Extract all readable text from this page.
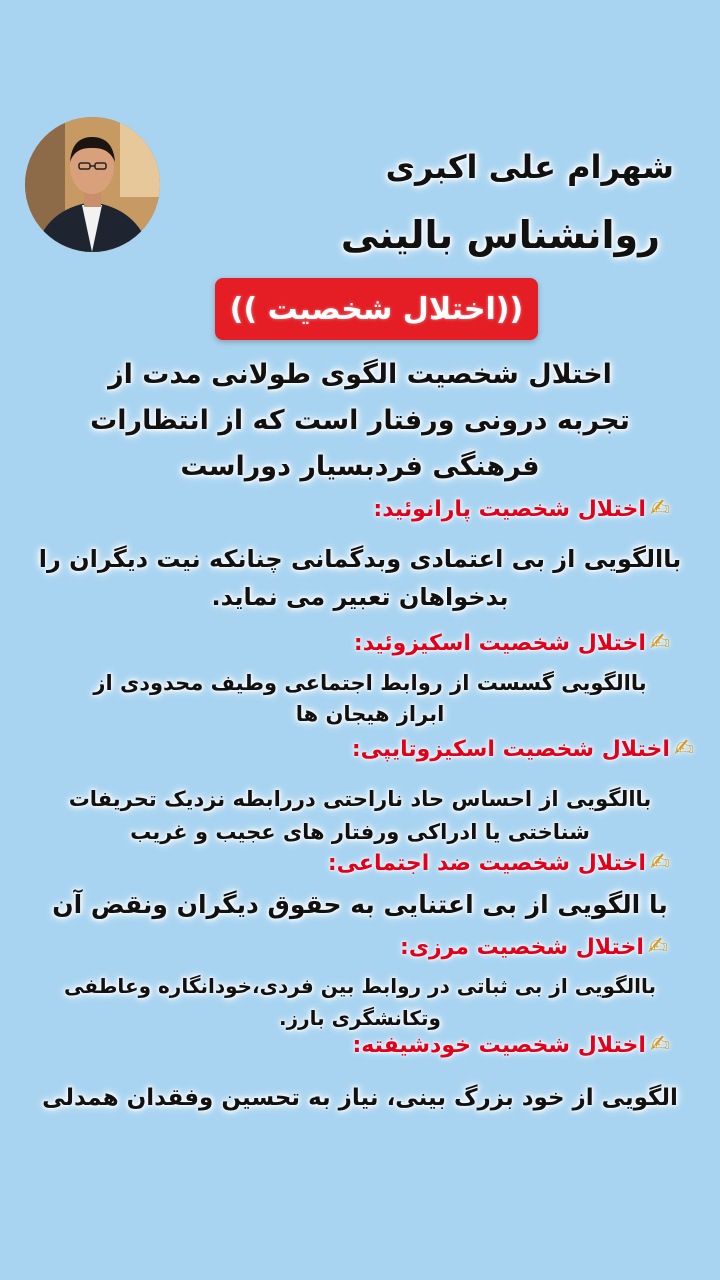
شهرام علی اکبری
روانشناس بالینی
((اختلال شخصیت ))
اختلال شخصیت الگوی طولانی مدت از
تجربه درونی ورفتار است که از انتظارات
فرهنگی فردبسیار دوراست
✍اختلال شخصیت پارانوئید:
باالگویی از بی اعتمادی وبدگمانی چنانکه نیت دیگران را
بدخواهان تعبیر می نماید.
✍اختلال شخصیت اسکیزوئید:
باالگویی گسست از روابط اجتماعی وطیف محدودی از
ابراز هیجان ها
✍اختلال شخصیت اسکیزوتایپی:
باالگویی از احساس حاد ناراحتی دررابطه نزدیک تحریفات
شناختی یا ادراکی ورفتار های عجیب و غریب
✍اختلال شخصیت ضد اجتماعی:
با الگویی از بی اعتنایی به حقوق دیگران ونقض آن
✍اختلال شخصیت مرزی:
باالگویی از بی ثباتی در روابط بین فردی،خودانگاره وعاطفی
وتکانشگری بارز.
✍اختلال شخصیت خودشیفته:
الگویی از خود بزرگ بینی، نیاز به تحسین وفقدان همدلی
